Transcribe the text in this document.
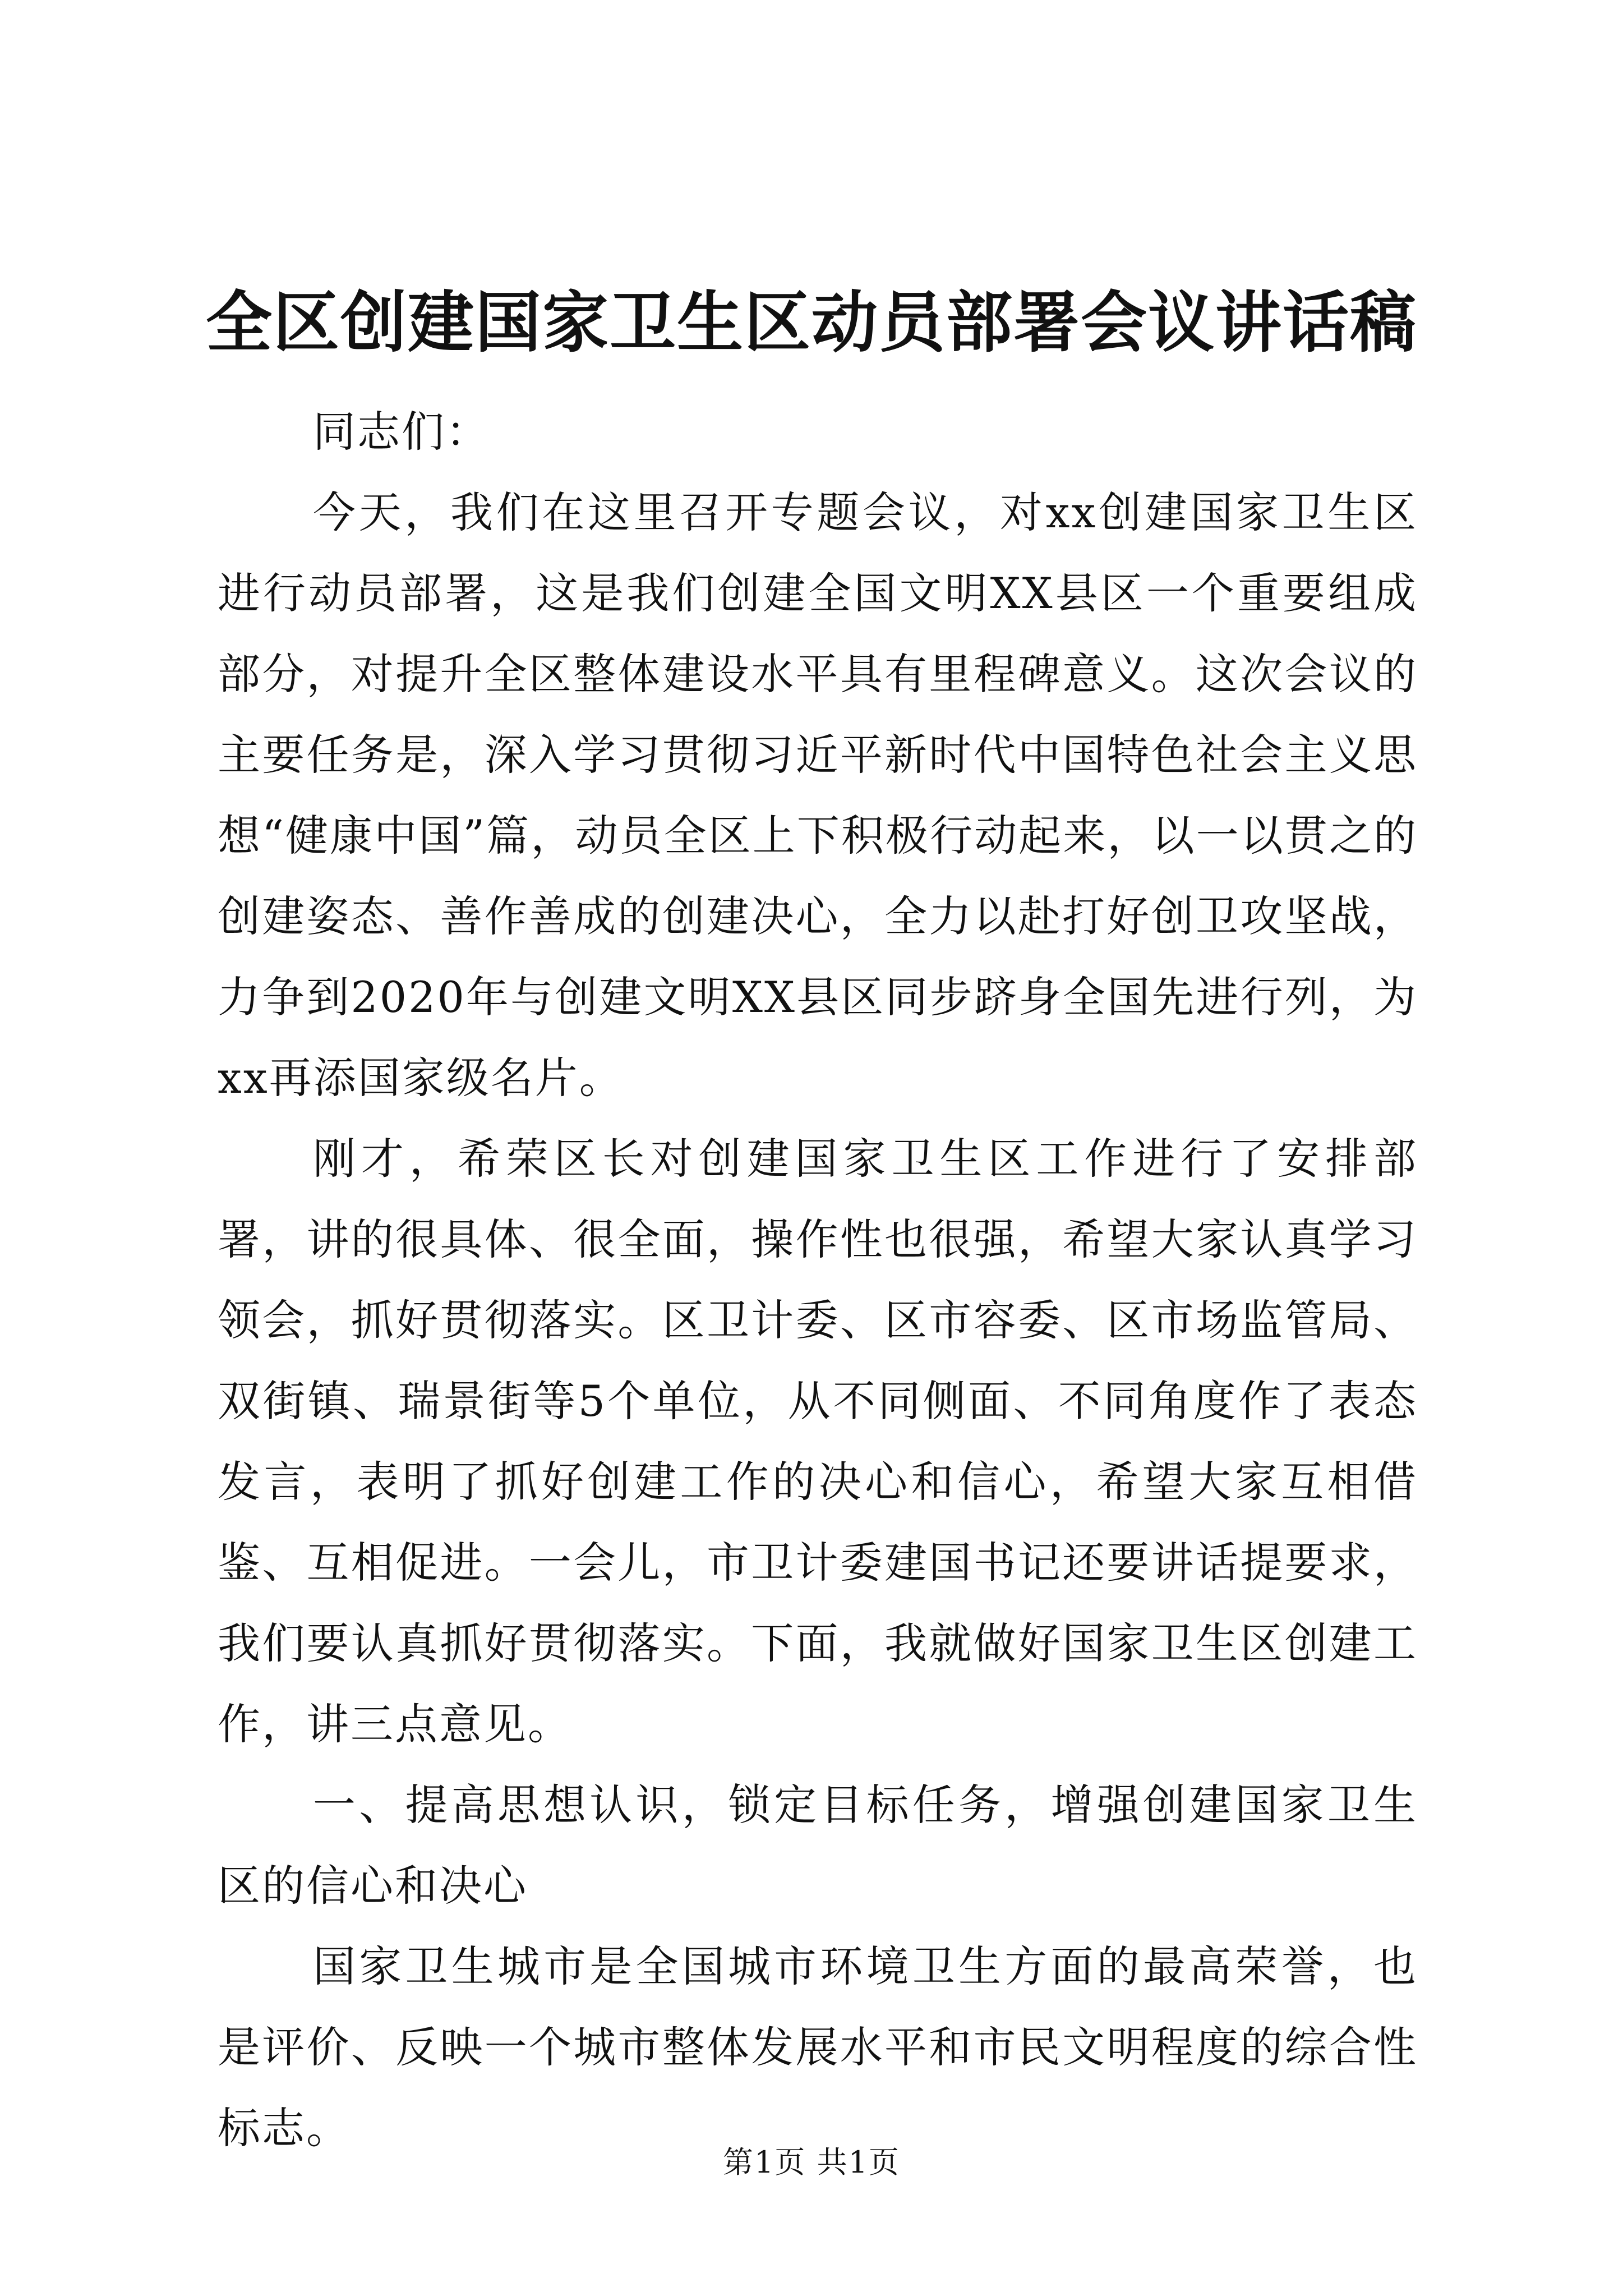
全区创建国家卫生区动员部署会议讲话稿

同志们：

今天，我们在这里召开专题会议，对xx创建国家卫生区进行动员部署，这是我们创建全国文明XX县区一个重要组成部分，对提升全区整体建设水平具有里程碑意义。这次会议的主要任务是，深入学习贯彻习近平新时代中国特色社会主义思想“健康中国”篇，动员全区上下积极行动起来，以一以贯之的创建姿态、善作善成的创建决心，全力以赴打好创卫攻坚战，力争到2020年与创建文明XX县区同步跻身全国先进行列，为xx再添国家级名片。

刚才，希荣区长对创建国家卫生区工作进行了安排部署，讲的很具体、很全面，操作性也很强，希望大家认真学习领会，抓好贯彻落实。区卫计委、区市容委、区市场监管局、双街镇、瑞景街等5个单位，从不同侧面、不同角度作了表态发言，表明了抓好创建工作的决心和信心，希望大家互相借鉴、互相促进。一会儿，市卫计委建国书记还要讲话提要求，我们要认真抓好贯彻落实。下面，我就做好国家卫生区创建工作，讲三点意见。

一、提高思想认识，锁定目标任务，增强创建国家卫生区的信心和决心

国家卫生城市是全国城市环境卫生方面的最高荣誉，也是评价、反映一个城市整体发展水平和市民文明程度的综合性标志。

第1页 共1页
